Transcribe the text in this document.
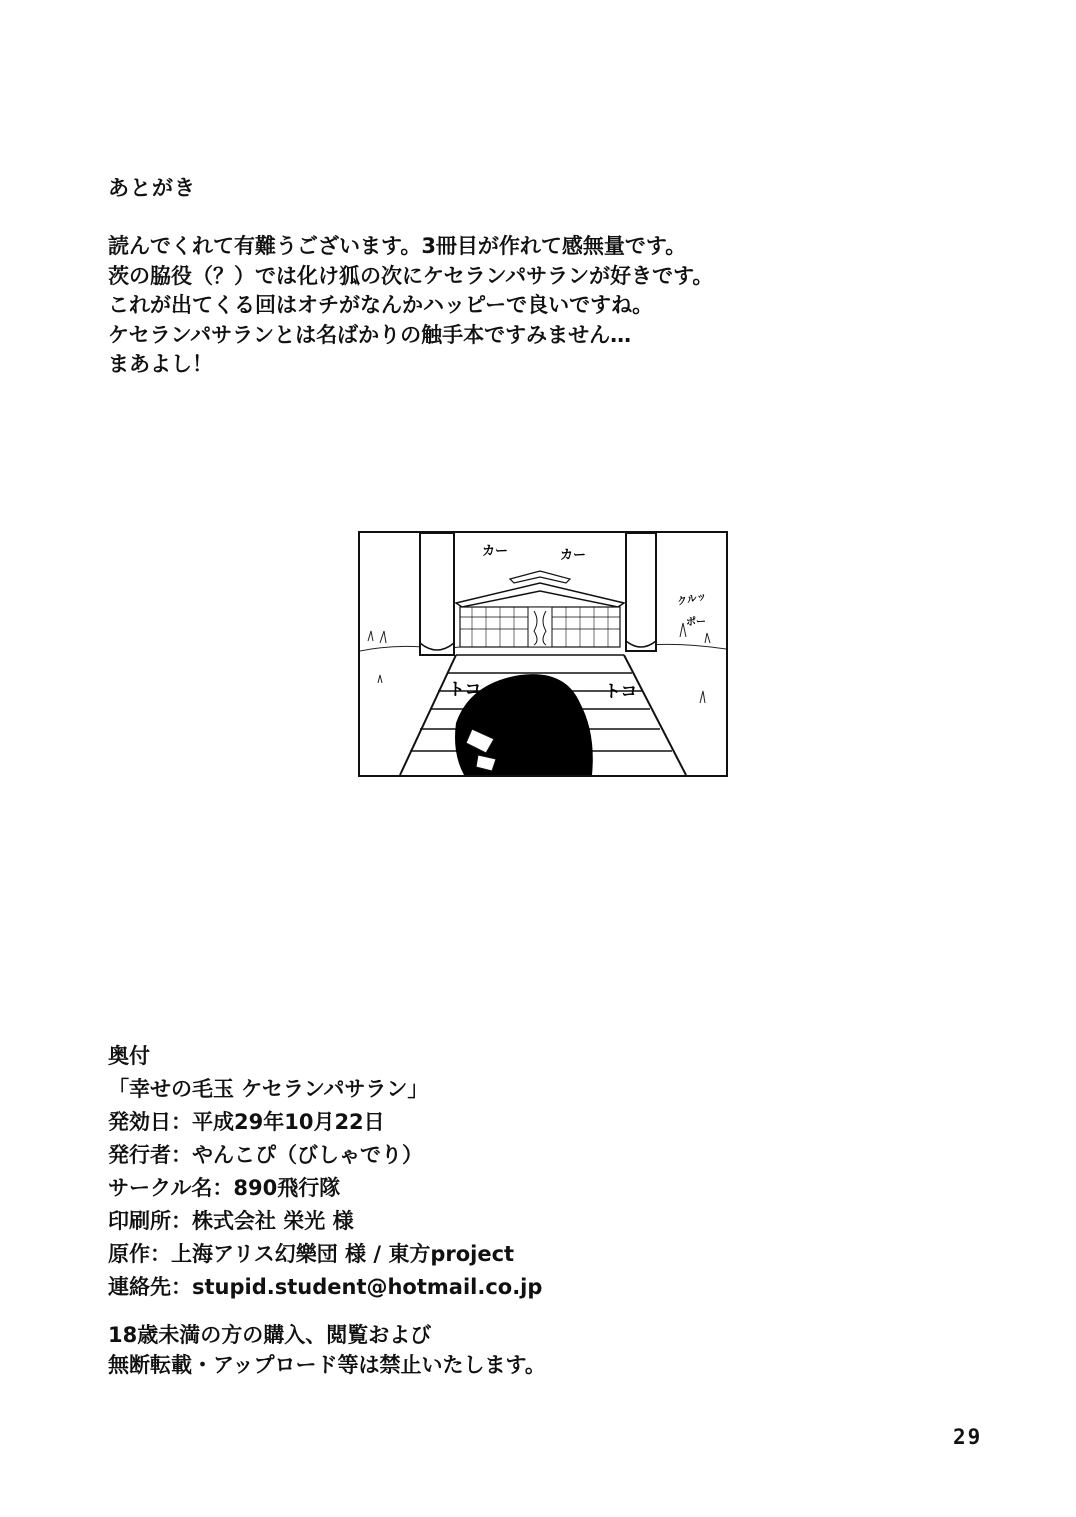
あとがき
読んでくれて有難うございます。3冊目が作れて感無量です。
茨の脇役（？）では化け狐の次にケセランパサランが好きです。
これが出てくる回はオチがなんかハッピーで良いですね。
ケセランパサランとは名ばかりの触手本ですみません…
まあよし！
カー	カー
クルッ
ポー
トコ	トコ
奥付
「幸せの毛玉 ケセランパサラン」
発効日：平成29年10月22日
発行者：やんこぴ（びしゃでり）
サークル名：890飛行隊
印刷所：株式会社 栄光 様
原作：上海アリス幻樂団 様 / 東方project
連絡先：stupid.student@hotmail.co.jp
18歳未満の方の購入、閲覧および
無断転載・アップロード等は禁止いたします。
29
